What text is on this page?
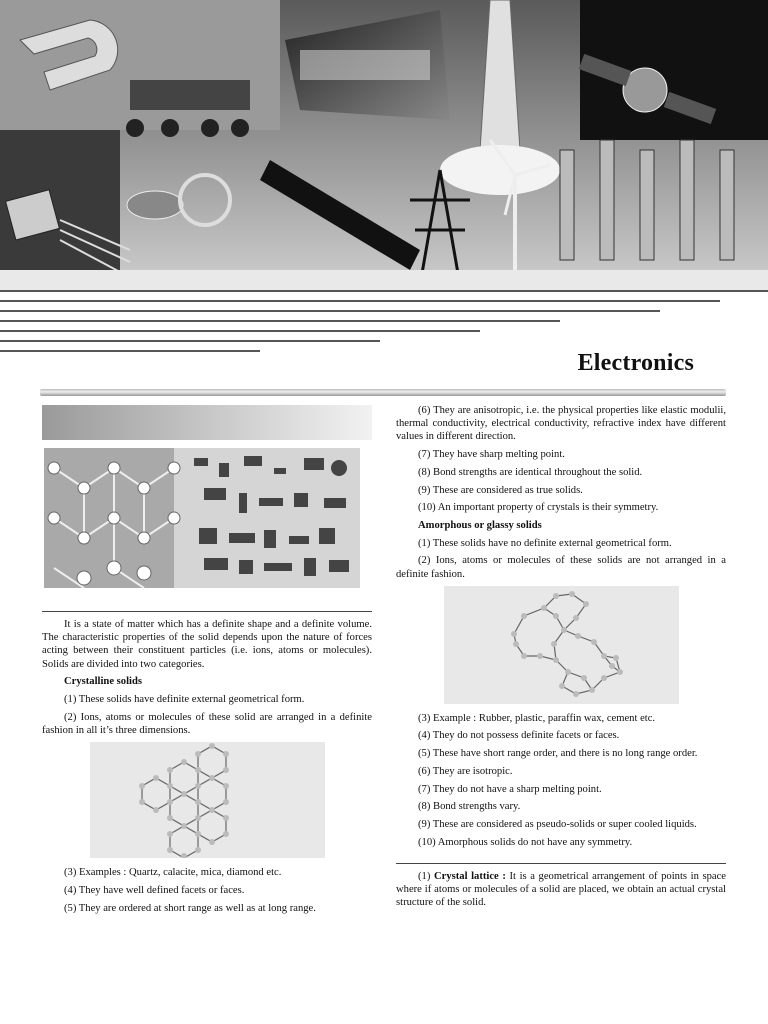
Electronics

It is a state of matter which has a definite shape and a definite volume. The characteristic properties of the solid depends upon the nature of forces acting between their constituent particles (i.e. ions, atoms or molecules). Solids are divided into two categories.

Crystalline solids

(1) These solids have definite external geometrical form.

(2) Ions, atoms or molecules of these solid are arranged in a definite fashion in all it’s three dimensions.

(3) Examples : Quartz, calacite, mica, diamond etc.

(4) They have well defined facets or faces.

(5) They are ordered at short range as well as at long range.

(6) They are anisotropic, i.e. the physical properties like elastic modulii, thermal conductivity, electrical conductivity, refractive index have different values in different direction.

(7) They have sharp melting point.

(8) Bond strengths are identical throughout the solid.

(9) These are considered as true solids.

(10) An important property of crystals is their symmetry.

Amorphous or glassy solids

(1) These solids have no definite external geometrical form.

(2) Ions, atoms or molecules of these solids are not arranged in a definite fashion.

(3) Example : Rubber, plastic, paraffin wax, cement etc.

(4) They do not possess definite facets or faces.

(5) These have short range order, and there is no long range order.

(6) They are isotropic.

(7) They do not have a sharp melting point.

(8) Bond strengths vary.

(9) These are considered as pseudo-solids or super cooled liquids.

(10) Amorphous solids do not have any symmetry.

(1) Crystal lattice : It is a geometrical arrangement of points in space where if atoms or molecules of a solid are placed, we obtain an actual crystal structure of the solid.
